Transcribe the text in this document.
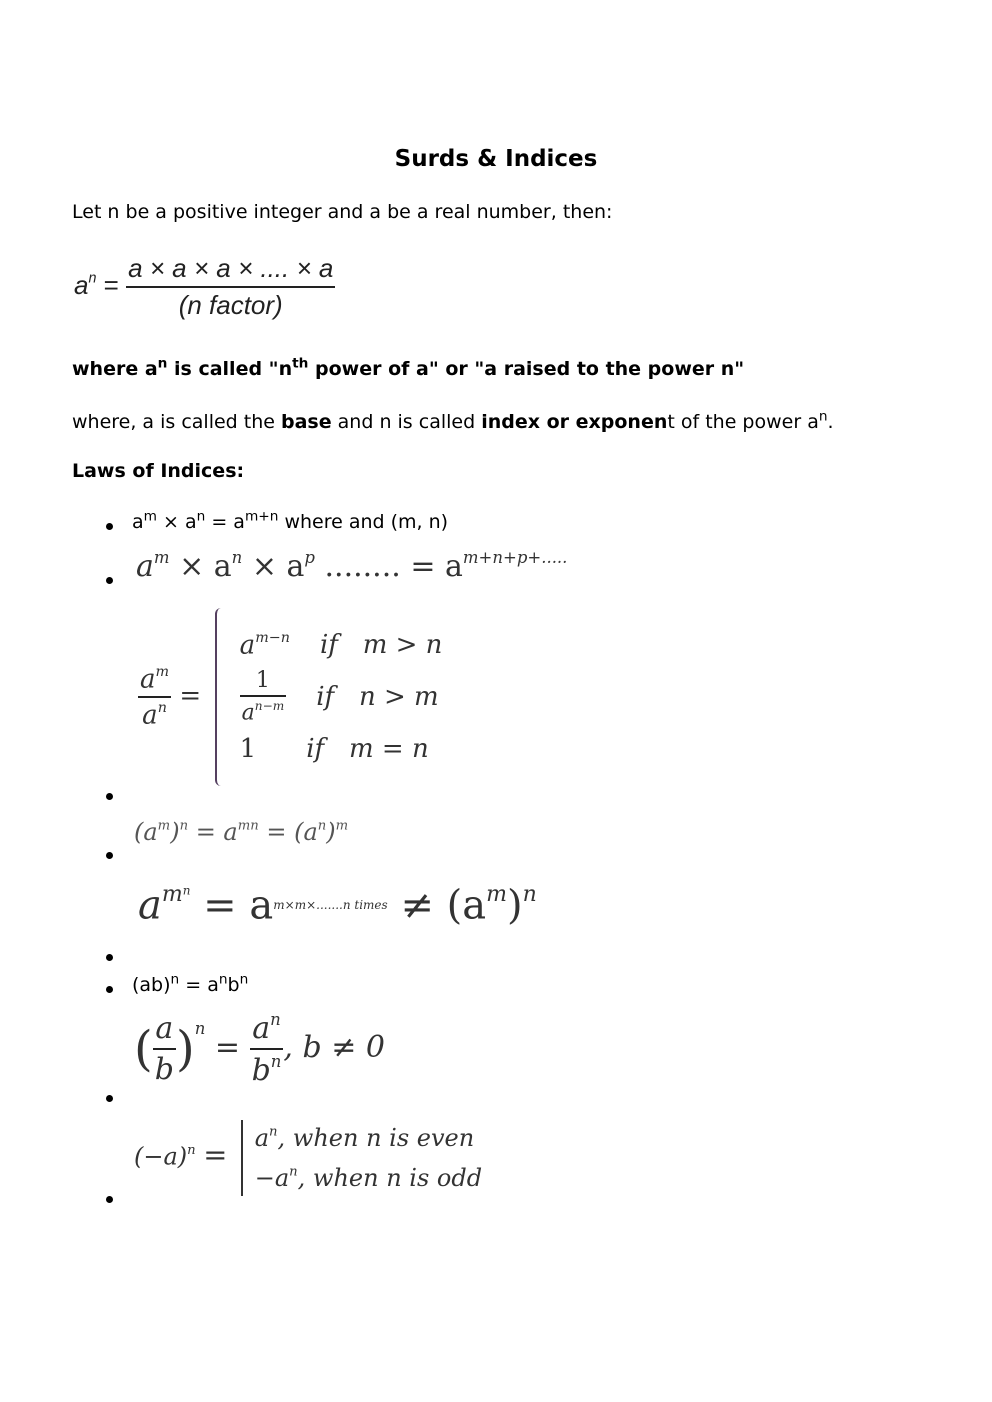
Surds & Indices
Let n be a positive integer and a be a real number, then:
$a^n = \frac{a \times a \times a \times .... \times a}{\text{(n factor)}}$
where $a^n$ is called "$n^{th}$ power of a" or "a raised to the power n"
where, a is called the base and n is called index or exponent of the power $a^n$.
Laws of Indices:
$a^m \times a^n = a^{m+n}$ where and (m, n)
$a^m \times a^n \times a^p$ ........ = $a^{m+n+p+.....}$
$\frac{a^m}{a^n}$ =
$a^{m-n}$ if m > n
$\frac{1}{a^{n-m}}$ if n > m
1 if m = n
$(a^m)^n = a^{mn} = (a^n)^m$
$a^{mn} = a^{m\times m\times.......n times} \ne (a^m)^n$
$(ab)^n = a^nb^n$
( $\frac{a}{b} )^n = \frac{a^n}{b^n}$ , b ≠ 0
$(-a)^n = a^n$, when n is even
$-a^n$, when n is odd
